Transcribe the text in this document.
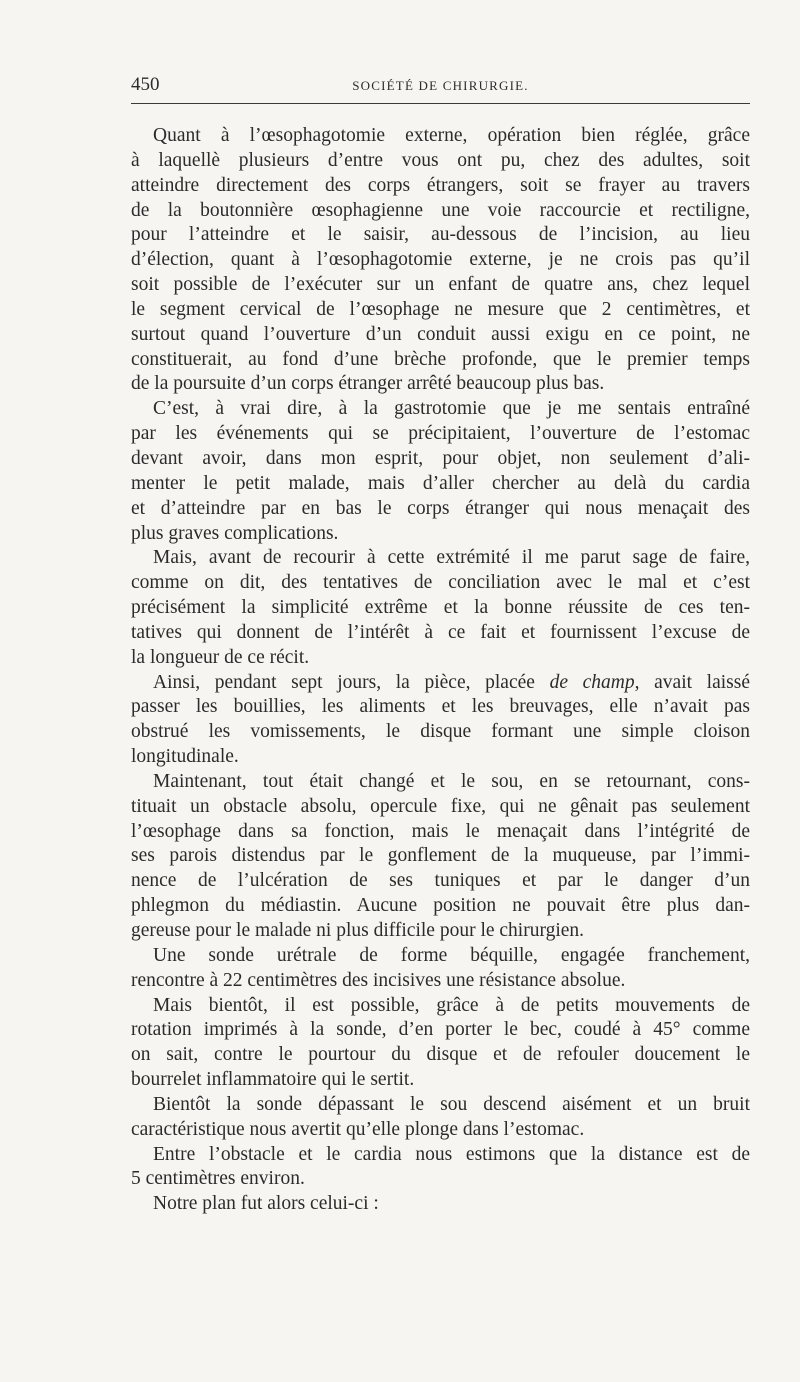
450	SOCIÉTÉ DE CHIRURGIE.
Quant à l’œsophagotomie externe, opération bien réglée, grâce
à laquellè plusieurs d’entre vous ont pu, chez des adultes, soit
atteindre directement des corps étrangers, soit se frayer au travers
de la boutonnière œsophagienne une voie raccourcie et rectiligne,
pour l’atteindre et le saisir, au-dessous de l’incision, au lieu
d’élection, quant à l’œsophagotomie externe, je ne crois pas qu’il
soit possible de l’exécuter sur un enfant de quatre ans, chez lequel
le segment cervical de l’œsophage ne mesure que 2 centimètres, et
surtout quand l’ouverture d’un conduit aussi exigu en ce point, ne
constituerait, au fond d’une brèche profonde, que le premier temps
de la poursuite d’un corps étranger arrêté beaucoup plus bas.
C’est, à vrai dire, à la gastrotomie que je me sentais entraîné
par les événements qui se précipitaient, l’ouverture de l’estomac
devant avoir, dans mon esprit, pour objet, non seulement d’ali-
menter le petit malade, mais d’aller chercher au delà du cardia
et d’atteindre par en bas le corps étranger qui nous menaçait des
plus graves complications.
Mais, avant de recourir à cette extrémité il me parut sage de faire,
comme on dit, des tentatives de conciliation avec le mal et c’est
précisément la simplicité extrême et la bonne réussite de ces ten-
tatives qui donnent de l’intérêt à ce fait et fournissent l’excuse de
la longueur de ce récit.
Ainsi, pendant sept jours, la pièce, placée de champ, avait laissé
passer les bouillies, les aliments et les breuvages, elle n’avait pas
obstrué les vomissements, le disque formant une simple cloison
longitudinale.
Maintenant, tout était changé et le sou, en se retournant, cons-
tituait un obstacle absolu, opercule fixe, qui ne gênait pas seulement
l’œsophage dans sa fonction, mais le menaçait dans l’intégrité de
ses parois distendus par le gonflement de la muqueuse, par l’immi-
nence de l’ulcération de ses tuniques et par le danger d’un
phlegmon du médiastin. Aucune position ne pouvait être plus dan-
gereuse pour le malade ni plus difficile pour le chirurgien.
Une sonde urétrale de forme béquille, engagée franchement,
rencontre à 22 centimètres des incisives une résistance absolue.
Mais bientôt, il est possible, grâce à de petits mouvements de
rotation imprimés à la sonde, d’en porter le bec, coudé à 45° comme
on sait, contre le pourtour du disque et de refouler doucement le
bourrelet inflammatoire qui le sertit.
Bientôt la sonde dépassant le sou descend aisément et un bruit
caractéristique nous avertit qu’elle plonge dans l’estomac.
Entre l’obstacle et le cardia nous estimons que la distance est de
5 centimètres environ.
Notre plan fut alors celui-ci :
